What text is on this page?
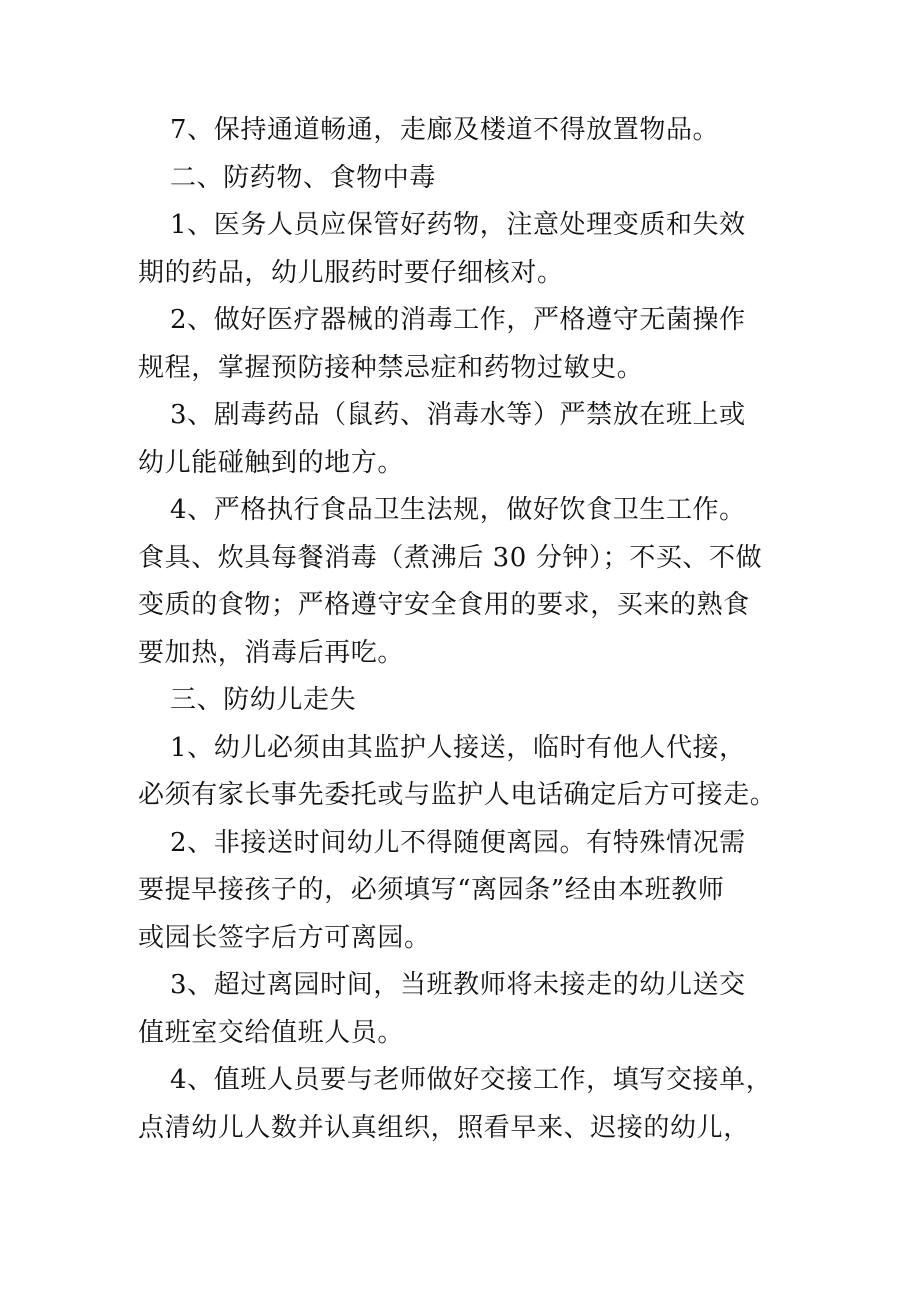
7、保持通道畅通，走廊及楼道不得放置物品。

二、防药物、食物中毒

1、医务人员应保管好药物，注意处理变质和失效
期的药品，幼儿服药时要仔细核对。

2、做好医疗器械的消毒工作，严格遵守无菌操作
规程，掌握预防接种禁忌症和药物过敏史。

3、剧毒药品（鼠药、消毒水等）严禁放在班上或
幼儿能碰触到的地方。

4、严格执行食品卫生法规，做好饮食卫生工作。
食具、炊具每餐消毒（煮沸后 30 分钟）；不买、不做
变质的食物；严格遵守安全食用的要求，买来的熟食
要加热，消毒后再吃。

三、防幼儿走失

1、幼儿必须由其监护人接送，临时有他人代接，
必须有家长事先委托或与监护人电话确定后方可接走。

2、非接送时间幼儿不得随便离园。有特殊情况需
要提早接孩子的，必须填写“离园条”经由本班教师
或园长签字后方可离园。

3、超过离园时间，当班教师将未接走的幼儿送交
值班室交给值班人员。

4、值班人员要与老师做好交接工作，填写交接单，
点清幼儿人数并认真组织，照看早来、迟接的幼儿，
